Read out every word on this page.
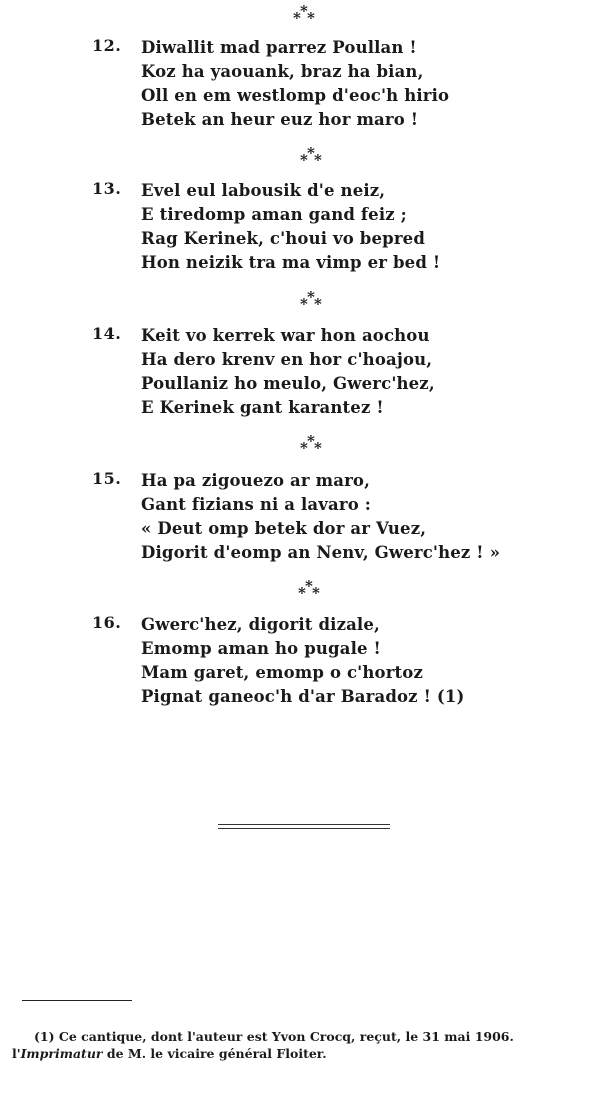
*
* *
12. Diwallit mad parrez Poullan !
Koz ha yaouank, braz ha bian,
Oll en em westlomp d'eoc'h hirio
Betek an heur euz hor maro !
*
* *
13. Evel eul labousik d'e neiz,
E tiredomp aman gand feiz ;
Rag Kerinek, c'houi vo bepred
Hon neizik tra ma vimp er bed !
*
* *
14. Keit vo kerrek war hon aochou
Ha dero krenv en hor c'hoajou,
Poullaniz ho meulo, Gwerc'hez,
E Kerinek gant karantez !
*
* *
15. Ha pa zigouezo ar maro,
Gant fizians ni a lavaro :
« Deut omp betek dor ar Vuez,
Digorit d'eomp an Nenv, Gwerc'hez ! »
*
* *
16. Gwerc'hez, digorit dizale,
Emomp aman ho pugale !
Mam garet, emomp o c'hortoz
Pignat ganeoc'h d'ar Baradoz ! (1)
(1) Ce cantique, dont l'auteur est Yvon Crocq, reçut, le 31 mai 1906.
l'Imprimatur de M. le vicaire général Floiter.
